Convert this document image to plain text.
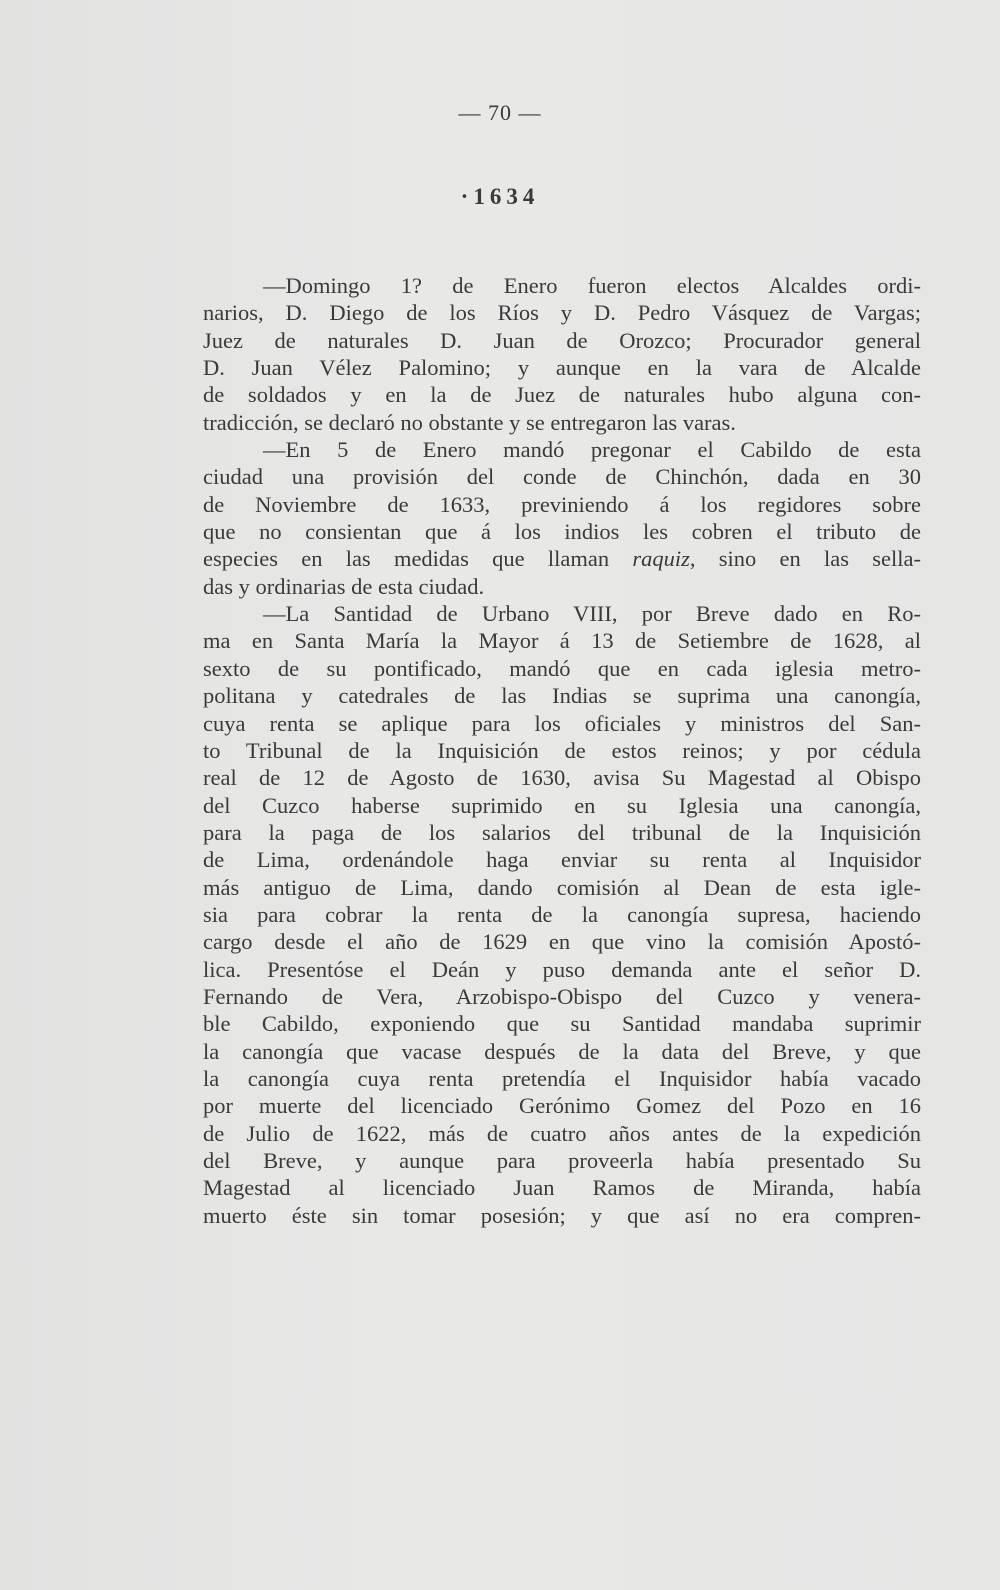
— 70 —
·1634
—Domingo 1? de Enero fueron electos Alcaldes ordi-
narios, D. Diego de los Ríos y D. Pedro Vásquez de Vargas;
Juez de naturales D. Juan de Orozco; Procurador general
D. Juan Vélez Palomino; y aunque en la vara de Alcalde
de soldados y en la de Juez de naturales hubo alguna con-
tradicción, se declaró no obstante y se entregaron las varas.
—En 5 de Enero mandó pregonar el Cabildo de esta
ciudad una provisión del conde de Chinchón, dada en 30
de Noviembre de 1633, previniendo á los regidores sobre
que no consientan que á los indios les cobren el tributo de
especies en las medidas que llaman raquiz, sino en las sella-
das y ordinarias de esta ciudad.
—La Santidad de Urbano VIII, por Breve dado en Ro-
ma en Santa María la Mayor á 13 de Setiembre de 1628, al
sexto de su pontificado, mandó que en cada iglesia metro-
politana y catedrales de las Indias se suprima una canongía,
cuya renta se aplique para los oficiales y ministros del San-
to Tribunal de la Inquisición de estos reinos; y por cédula
real de 12 de Agosto de 1630, avisa Su Magestad al Obispo
del Cuzco haberse suprimido en su Iglesia una canongía,
para la paga de los salarios del tribunal de la Inquisición
de Lima, ordenándole haga enviar su renta al Inquisidor
más antiguo de Lima, dando comisión al Dean de esta igle-
sia para cobrar la renta de la canongía supresa, haciendo
cargo desde el año de 1629 en que vino la comisión Apostó-
lica. Presentóse el Deán y puso demanda ante el señor D.
Fernando de Vera, Arzobispo-Obispo del Cuzco y venera-
ble Cabildo, exponiendo que su Santidad mandaba suprimir
la canongía que vacase después de la data del Breve, y que
la canongía cuya renta pretendía el Inquisidor había vacado
por muerte del licenciado Gerónimo Gomez del Pozo en 16
de Julio de 1622, más de cuatro años antes de la expedición
del Breve, y aunque para proveerla había presentado Su
Magestad al licenciado Juan Ramos de Miranda, había
muerto éste sin tomar posesión; y que así no era compren-
